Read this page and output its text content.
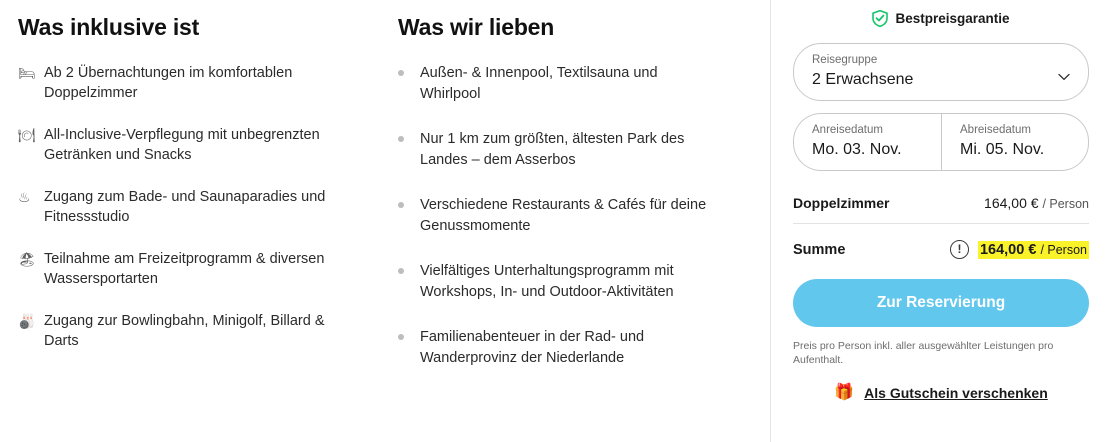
Was inklusive ist
🛏 Ab 2 Übernachtungen im komfortablen Doppelzimmer
🍽 All-Inclusive-Verpflegung mit unbegrenzten Getränken und Snacks
♨ Zugang zum Bade- und Saunaparadies und Fitnessstudio
🏖 Teilnahme am Freizeitprogramm & diversen Wassersportarten
🎳 Zugang zur Bowlingbahn, Minigolf, Billard & Darts
Was wir lieben
Außen- & Innenpool, Textilsauna und Whirlpool
Nur 1 km zum größten, ältesten Park des Landes – dem Asserbos
Verschiedene Restaurants & Cafés für deine Genussmomente
Vielfältiges Unterhaltungsprogramm mit Workshops, In- und Outdoor-Aktivitäten
Familienabenteuer in der Rad- und Wanderprovinz der Niederlande
Bestpreisgarantie
Reisegruppe
2 Erwachsene
Anreisedatum
Mo. 03. Nov.
Abreisedatum
Mi. 05. Nov.
Doppelzimmer	164,00 € / Person
Summe	!	164,00 € / Person
Zur Reservierung
Preis pro Person inkl. aller ausgewählter Leistungen pro Aufenthalt.
🎁 Als Gutschein verschenken
